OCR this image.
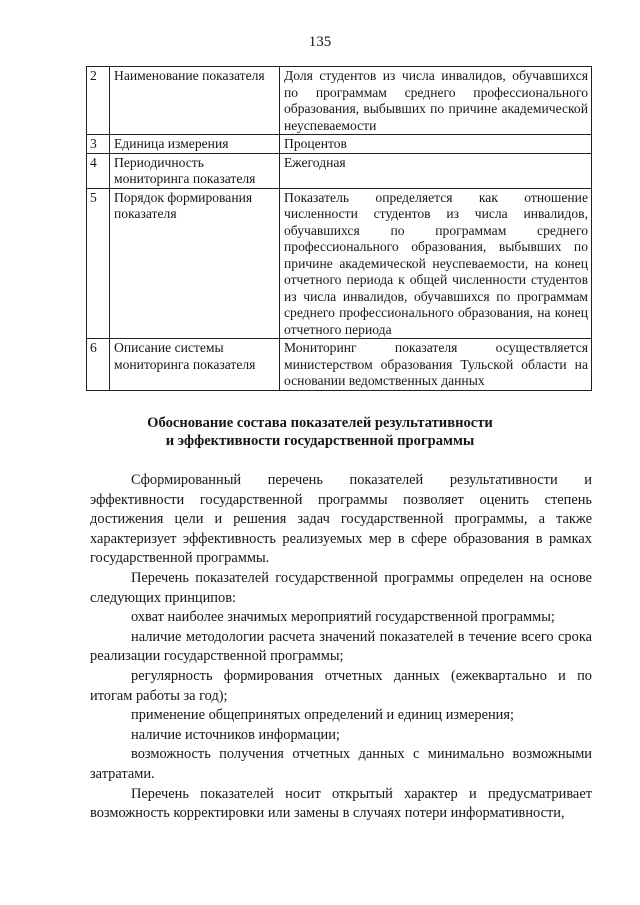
135
2	Наименование показателя	Доля студентов из числа инвалидов, обучавшихся по программам среднего профессионального образования, выбывших по причине академической неуспеваемости
3	Единица измерения	Процентов
4	Периодичность мониторинга показателя	Ежегодная
5	Порядок формирования показателя	Показатель определяется как отношение численности студентов из числа инвалидов, обучавшихся по программам среднего профессионального образования, выбывших по причине академической неуспеваемости, на конец отчетного периода к общей численности студентов из числа инвалидов, обучавшихся по программам среднего профессионального образования, на конец отчетного периода
6	Описание системы мониторинга показателя	Мониторинг показателя осуществляется министерством образования Тульской области на основании ведомственных данных
Обоснование состава показателей результативности
и эффективности государственной программы

Сформированный перечень показателей результативности и эффективности государственной программы позволяет оценить степень достижения цели и решения задач государственной программы, а также характеризует эффективность реализуемых мер в сфере образования в рамках государственной программы.

Перечень показателей государственной программы определен на основе следующих принципов:

охват наиболее значимых мероприятий государственной программы;

наличие методологии расчета значений показателей в течение всего срока реализации государственной программы;

регулярность формирования отчетных данных (ежеквартально и по итогам работы за год);

применение общепринятых определений и единиц измерения;

наличие источников информации;

возможность получения отчетных данных с минимально возможными затратами.

Перечень показателей носит открытый характер и предусматривает возможность корректировки или замены в случаях потери информативности,
